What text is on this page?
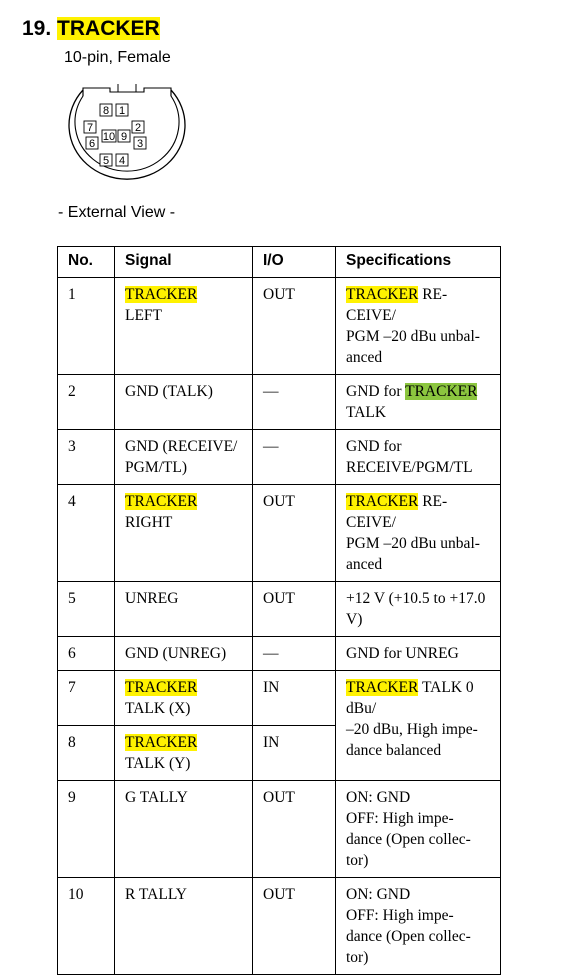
19. TRACKER
10-pin, Female
8 1
7	2
6
10 9
3
5 4
- External View -
No.	Signal	I/O	Specifications
1	TRACKER
LEFT	OUT	TRACKER RE-
CEIVE/
PGM –20 dBu unbal-
anced
2	GND (TALK)	—	GND for TRACKER
TALK
3	GND (RECEIVE/
PGM/TL)	—	GND for
RECEIVE/PGM/TL
4	TRACKER
RIGHT	OUT	TRACKER RE-
CEIVE/
PGM –20 dBu unbal-
anced
5	UNREG	OUT	+12 V (+10.5 to +17.0
V)
6	GND (UNREG)	—	GND for UNREG
7	TRACKER
TALK (X)	IN	TRACKER TALK 0
dBu/
–20 dBu, High impe-
dance balanced
8	TRACKER
TALK (Y)	IN	
9	G TALLY	OUT	ON: GND
OFF: High impe-
dance (Open collec-
tor)
10	R TALLY	OUT	ON: GND
OFF: High impe-
dance (Open collec-
tor)
